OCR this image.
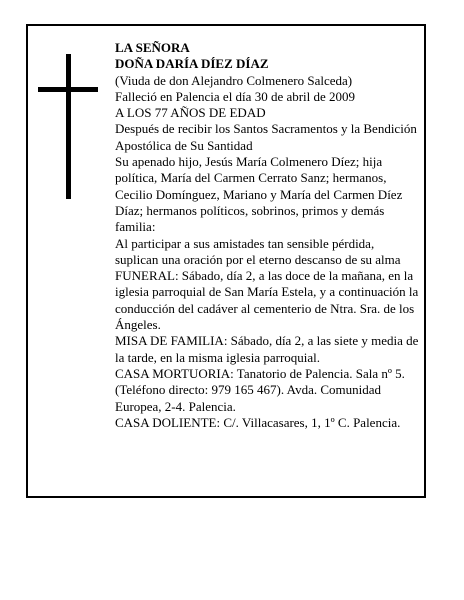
LA SEÑORA

DOÑA DARÍA DÍEZ DÍAZ

(Viuda de don Alejandro Colmenero Salceda)

Falleció en Palencia el día 30 de abril de 2009

A LOS 77 AÑOS DE EDAD

Después de recibir los Santos Sacramentos y la Bendición Apostólica de Su Santidad

Su apenado hijo, Jesús María Colmenero Díez; hija política, María del Carmen Cerrato Sanz; hermanos, Cecilio Domínguez, Mariano y María del Carmen Díez Díaz; hermanos políticos, sobrinos, primos y demás familia:

Al participar a sus amistades tan sensible pérdida, suplican una oración por el eterno descanso de su alma

FUNERAL: Sábado, día 2, a las doce de la mañana, en la iglesia parroquial de San María Estela, y a continuación la conducción del cadáver al cementerio de Ntra. Sra. de los Ángeles.

MISA DE FAMILIA: Sábado, día 2, a las siete y media de la tarde, en la misma iglesia parroquial.

CASA MORTUORIA: Tanatorio de Palencia. Sala nº 5. (Teléfono directo: 979 165 467). Avda. Comunidad Europea, 2-4. Palencia.

CASA DOLIENTE: C/. Villacasares, 1, 1º C. Palencia.
